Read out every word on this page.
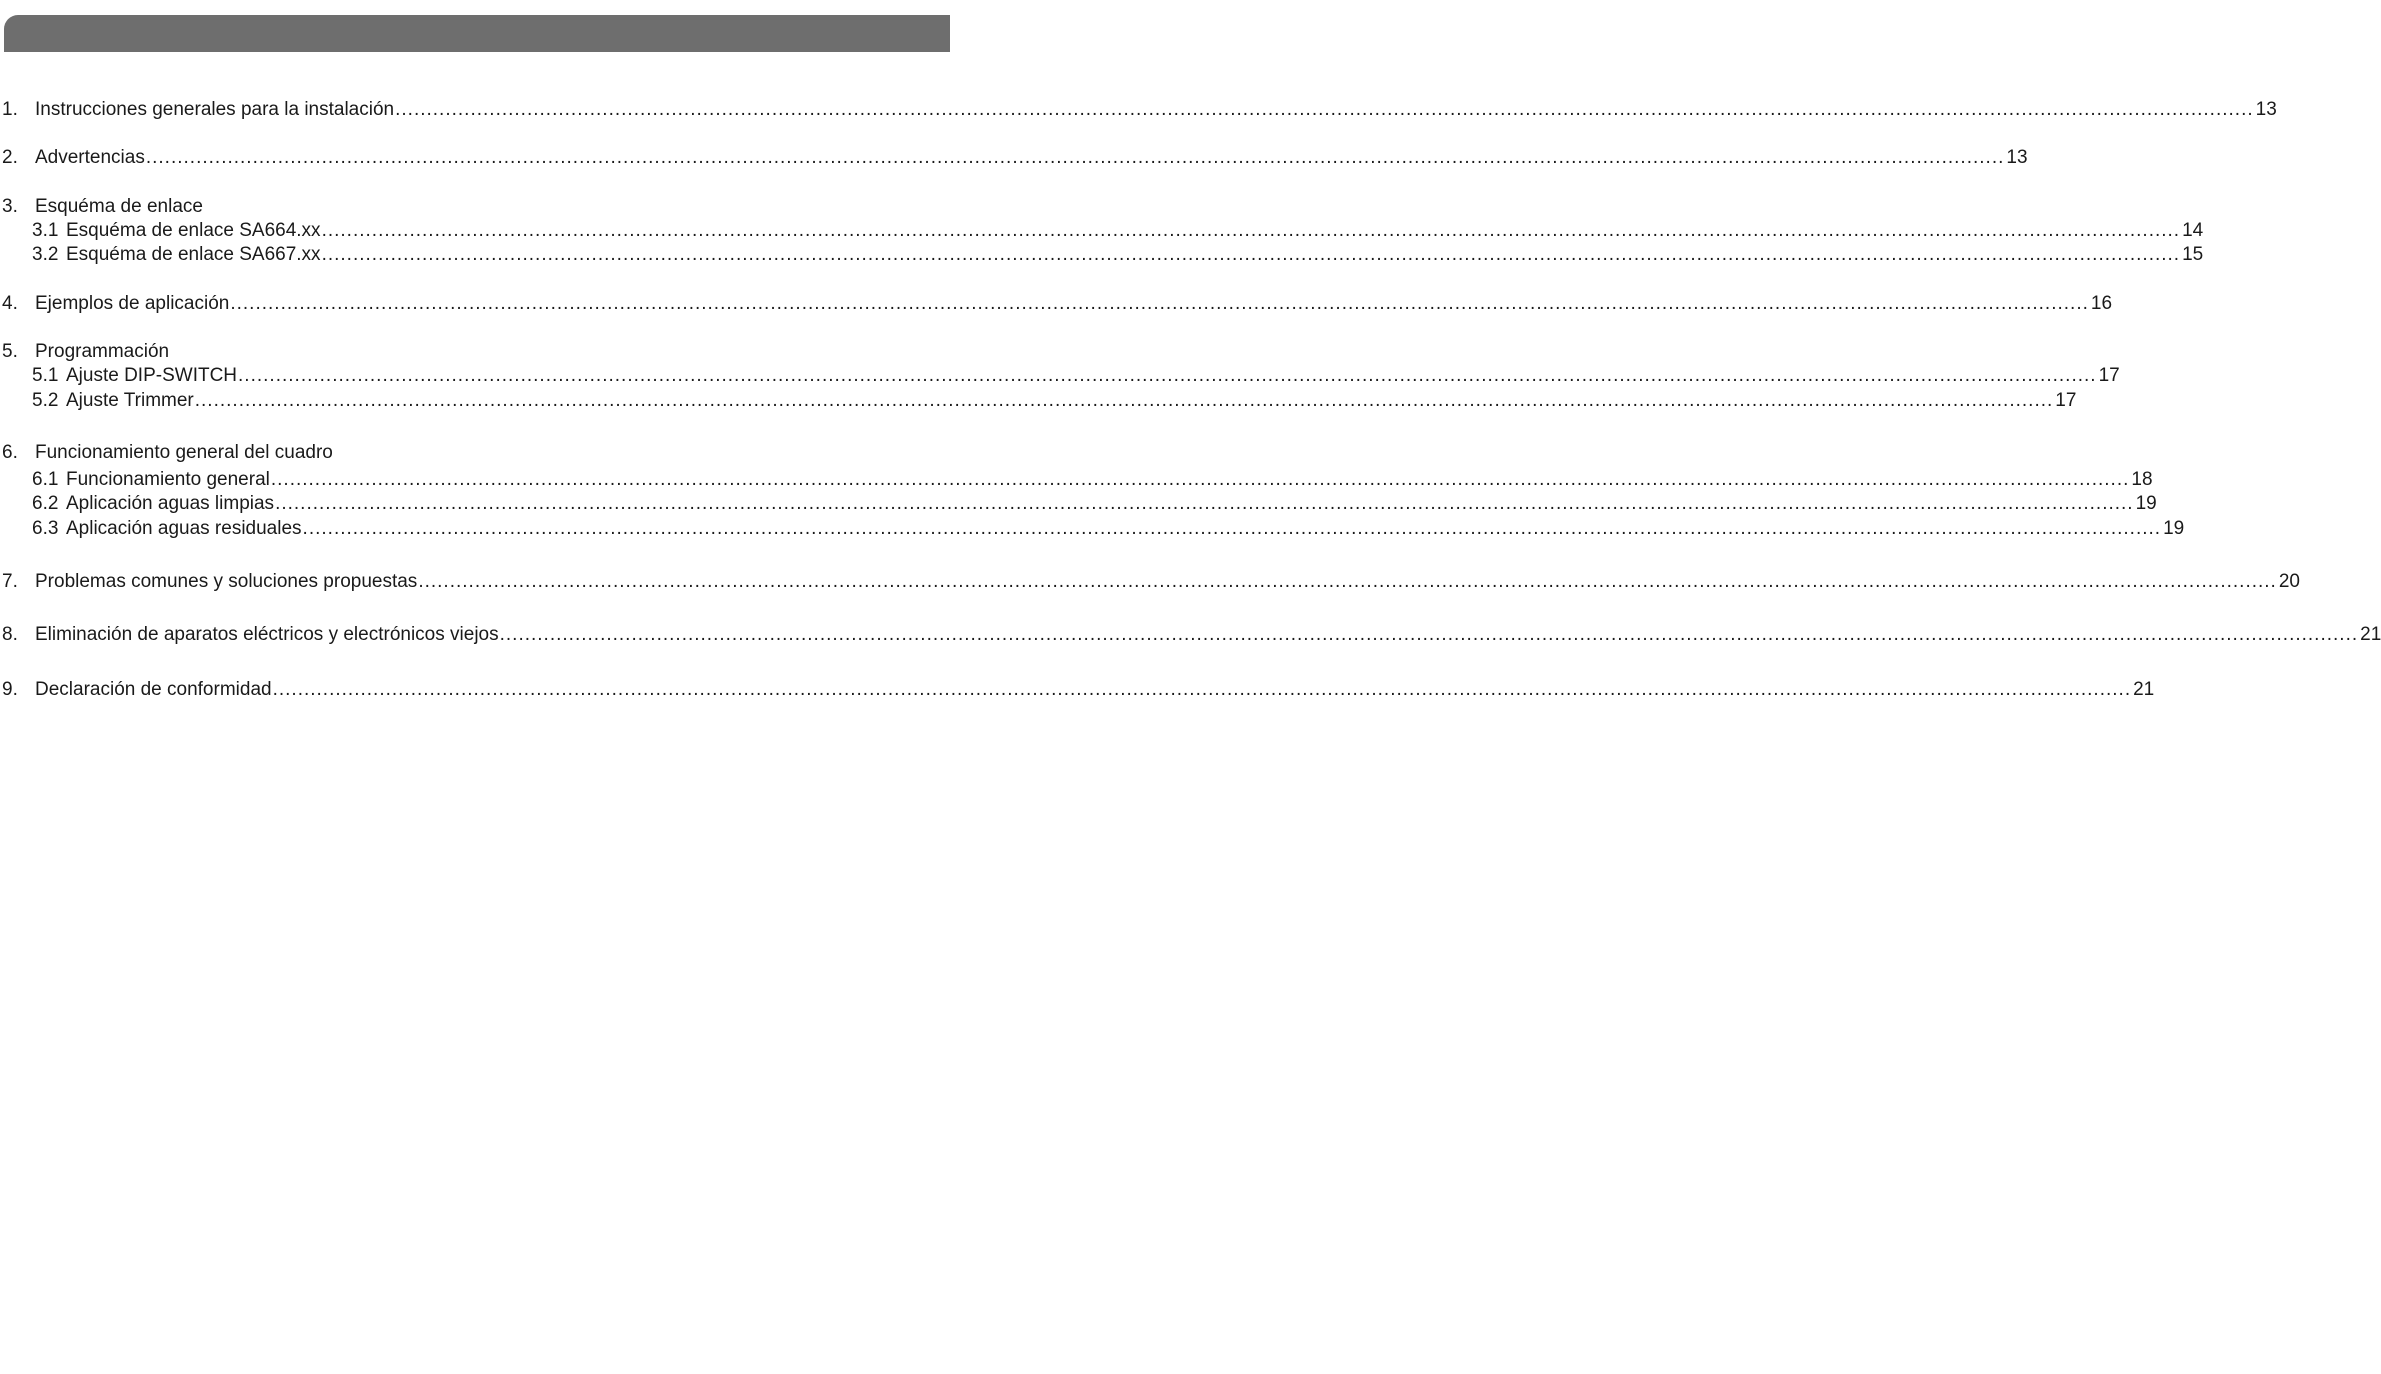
1. Instrucciones generales para la instalación .....	13
2. Advertencias .....	13
3. Esquéma de enlace
3.1 Esquéma de enlace SA664.xx .....	14
3.2 Esquéma de enlace SA667.xx .....	15
4. Ejemplos de aplicación .....	16
5. Programmación
5.1 Ajuste DIP-SWITCH .....	17
5.2 Ajuste Trimmer .....	17
6. Funcionamiento general del cuadro
6.1 Funcionamiento general .....	18
6.2 Aplicación aguas limpias .....	19
6.3 Aplicación aguas residuales .....	19
7. Problemas comunes y soluciones propuestas .....	20
8. Eliminación de aparatos eléctricos y electrónicos viejos .....	21
9. Declaración de conformidad .....	21
